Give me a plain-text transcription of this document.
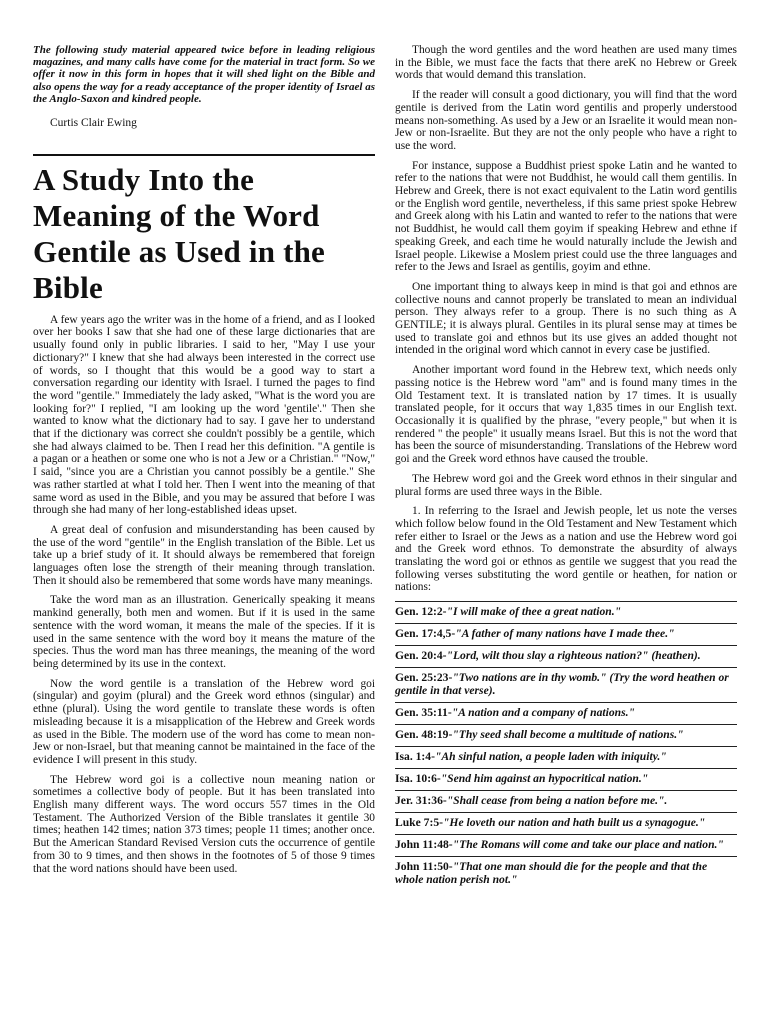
The following study material appeared twice before in leading religious magazines, and many calls have come for the material in tract form. So we offer it now in this form in hopes that it will shed light on the Bible and also opens the way for a ready acceptance of the proper identity of Israel as the Anglo-Saxon and kindred people.

Curtis Clair Ewing
A Study Into the Meaning of the Word Gentile as Used in the Bible

A few years ago the writer was in the home of a friend, and as I looked over her books I saw that she had one of these large dictionaries that are usually found only in public libraries. I said to her, "May I use your dictionary?" I knew that she had always been interested in the correct use of words, so I thought that this would be a good way to start a conversation regarding our identity with Israel. I turned the pages to find the word "gentile." Immediately the lady asked, "What is the word you are looking for?" I replied, "I am looking up the word 'gentile'." Then she wanted to know what the dictionary had to say. I gave her to understand that if the dictionary was correct she couldn't possibly be a gentile, which she had always claimed to be. Then I read her this definition. "A gentile is a pagan or a heathen or some one who is not a Jew or a Christian." "Now," I said, "since you are a Christian you cannot possibly be a gentile." She was rather startled at what I told her. Then I went into the meaning of that same word as used in the Bible, and you may be assured that before I was through she had many of her long-established ideas upset.

A great deal of confusion and misunderstanding has been caused by the use of the word "gentile" in the English translation of the Bible. Let us take up a brief study of it. It should always be remembered that foreign languages often lose the strength of their meaning through translation. Then it should also be remembered that some words have many meanings.

Take the word man as an illustration. Generically speaking it means mankind generally, both men and women. But if it is used in the same sentence with the word woman, it means the male of the species. If it is used in the same sentence with the word boy it means the mature of the species. Thus the word man has three meanings, the meaning of the word being determined by its use in the context.

Now the word gentile is a translation of the Hebrew word goi (singular) and goyim (plural) and the Greek word ethnos (singular) and ethne (plural). Using the word gentile to translate these words is often misleading because it is a misapplication of the Hebrew and Greek words as used in the Bible. The modern use of the word has come to mean non-Jew or non-Israel, but that meaning cannot be maintained in the face of the evidence I will present in this study.

The Hebrew word goi is a collective noun meaning nation or sometimes a collective body of people. But it has been translated into English many different ways. The word occurs 557 times in the Old Testament. The Authorized Version of the Bible translates it gentile 30 times; heathen 142 times; nation 373 times; people 11 times; another once. But the American Standard Revised Version cuts the occurrence of gentile from 30 to 9 times, and then shows in the footnotes of 5 of those 9 times that the word nations should have been used.

Though the word gentiles and the word heathen are used many times in the Bible, we must face the facts that there areK no Hebrew or Greek words that would demand this translation.

If the reader will consult a good dictionary, you will find that the word gentile is derived from the Latin word gentilis and properly understood means non-something. As used by a Jew or an Israelite it would mean non-Jew or non-Israelite. But they are not the only people who have a right to use the word.

For instance, suppose a Buddhist priest spoke Latin and he wanted to refer to the nations that were not Buddhist, he would call them gentilis. In Hebrew and Greek, there is not exact equivalent to the Latin word gentilis or the English word gentile, nevertheless, if this same priest spoke Hebrew and Greek along with his Latin and wanted to refer to the nations that were not Buddhist, he would call them goyim if speaking Hebrew and ethne if speaking Greek, and each time he would naturally include the Jewish and Israel people. Likewise a Moslem priest could use the three languages and refer to the Jews and Israel as gentilis, goyim and ethne.

One important thing to always keep in mind is that goi and ethnos are collective nouns and cannot properly be translated to mean an individual person. They always refer to a group. There is no such thing as A GENTILE; it is always plural. Gentiles in its plural sense may at times be used to translate goi and ethnos but its use gives an added thought not intended in the original word which cannot in every case be justified.

Another important word found in the Hebrew text, which needs only passing notice is the Hebrew word "am" and is found many times in the Old Testament text. It is translated nation by 17 times. It is usually translated people, for it occurs that way 1,835 times in our English text. Occasionally it is qualified by the phrase, "every people," but when it is rendered " the people" it usually means Israel. But this is not the word that has been the source of misunderstanding. Translations of the Hebrew word goi and the Greek word ethnos have caused the trouble.

The Hebrew word goi and the Greek word ethnos in their singular and plural forms are used three ways in the Bible.

1. In referring to the Israel and Jewish people, let us note the verses which follow below found in the Old Testament and New Testament which refer either to Israel or the Jews as a nation and use the Hebrew word goi and the Greek word ethnos. To demonstrate the absurdity of always translating the word goi or ethnos as gentile we suggest that you read the following verses substituting the word gentile or heathen, for nation or nations:

Gen. 12:2-"I will make of thee a great nation."
Gen. 17:4,5-"A father of many nations have I made thee."
Gen. 20:4-"Lord, wilt thou slay a righteous nation?" (heathen).
Gen. 25:23-"Two nations are in thy womb." (Try the word heathen or gentile in that verse).
Gen. 35:11-"A nation and a company of nations."
Gen. 48:19-"Thy seed shall become a multitude of nations."
Isa. 1:4-"Ah sinful nation, a people laden with iniquity."
Isa. 10:6-"Send him against an hypocritical nation."
Jer. 31:36-"Shall cease from being a nation before me.".
Luke 7:5-"He loveth our nation and hath built us a synagogue."
John 11:48-"The Romans will come and take our place and nation."
John 11:50-"That one man should die for the people and that the whole nation perish not."
